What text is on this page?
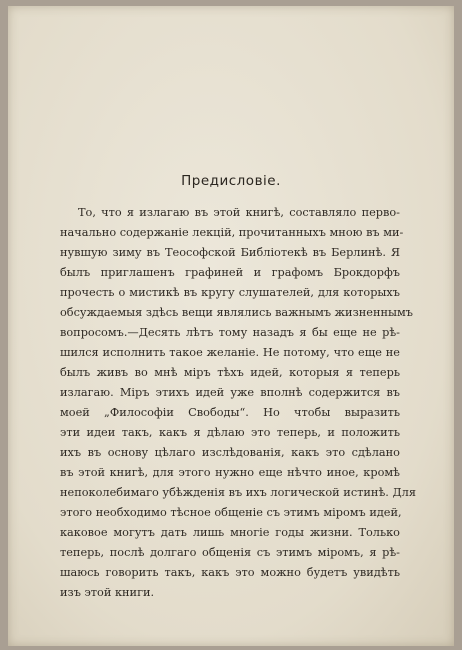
Предисловіе.
То, что я излагаю въ этой книгѣ, составляло перво-
начально содержаніе лекцій, прочитанныхъ мною въ ми-
нувшую зиму въ Теософской Библіотекѣ въ Берлинѣ. Я
былъ приглашенъ графиней и графомъ Брокдорфъ
прочесть о мистикѣ въ кругу слушателей, для которыхъ
обсуждаемыя здѣсь вещи являлись важнымъ жизненнымъ
вопросомъ.—Десять лѣтъ тому назадъ я бы еще не рѣ-
шился исполнить такое желаніе. Не потому, что еще не
былъ живъ во мнѣ міръ тѣхъ идей, которыя я теперь
излагаю. Міръ этихъ идей уже вполнѣ содержится въ
моей „Философіи Свободы“. Но чтобы выразить
эти идеи такъ, какъ я дѣлаю это теперь, и положить
ихъ въ основу цѣлаго изслѣдованія, какъ это сдѣлано
въ этой книгѣ, для этого нужно еще нѣчто иное, кромѣ
непоколебимаго убѣжденія въ ихъ логической истинѣ. Для
этого необходимо тѣсное общеніе съ этимъ міромъ идей,
каковое могутъ дать лишь многіе годы жизни. Только
теперь, послѣ долгаго общенія съ этимъ міромъ, я рѣ-
шаюсь говорить такъ, какъ это можно будетъ увидѣть
изъ этой книги.
